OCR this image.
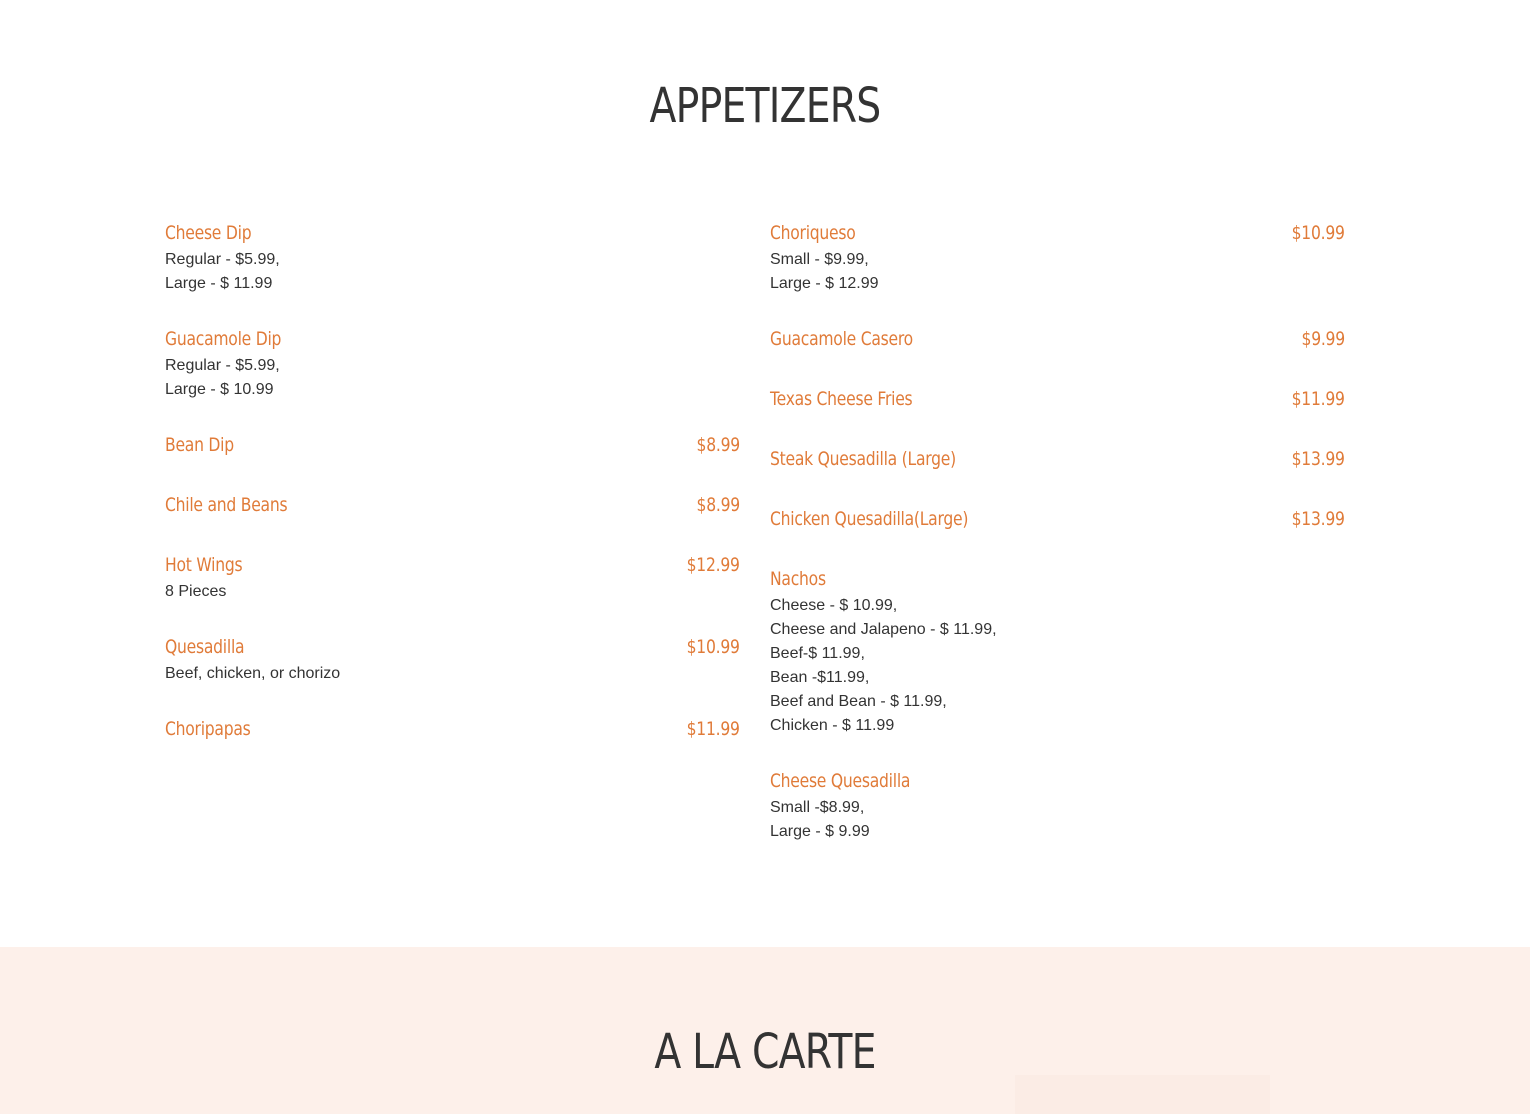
APPETIZERS
Cheese Dip
Regular - $5.99,
Large - $ 11.99
Guacamole Dip
Regular - $5.99,
Large - $ 10.99
Bean Dip	$8.99
Chile and Beans	$8.99
Hot Wings	$12.99
8 Pieces
Quesadilla	$10.99
Beef, chicken, or chorizo
Choripapas	$11.99
Choriqueso	$10.99
Small - $9.99,
Large - $ 12.99
Guacamole Casero	$9.99
Texas Cheese Fries	$11.99
Steak Quesadilla (Large)	$13.99
Chicken Quesadilla(Large)	$13.99
Nachos
Cheese - $ 10.99,
Cheese and Jalapeno - $ 11.99,
Beef-$ 11.99,
Bean -$11.99,
Beef and Bean - $ 11.99,
Chicken - $ 11.99
Cheese Quesadilla
Small -$8.99,
Large - $ 9.99
A LA CARTE
